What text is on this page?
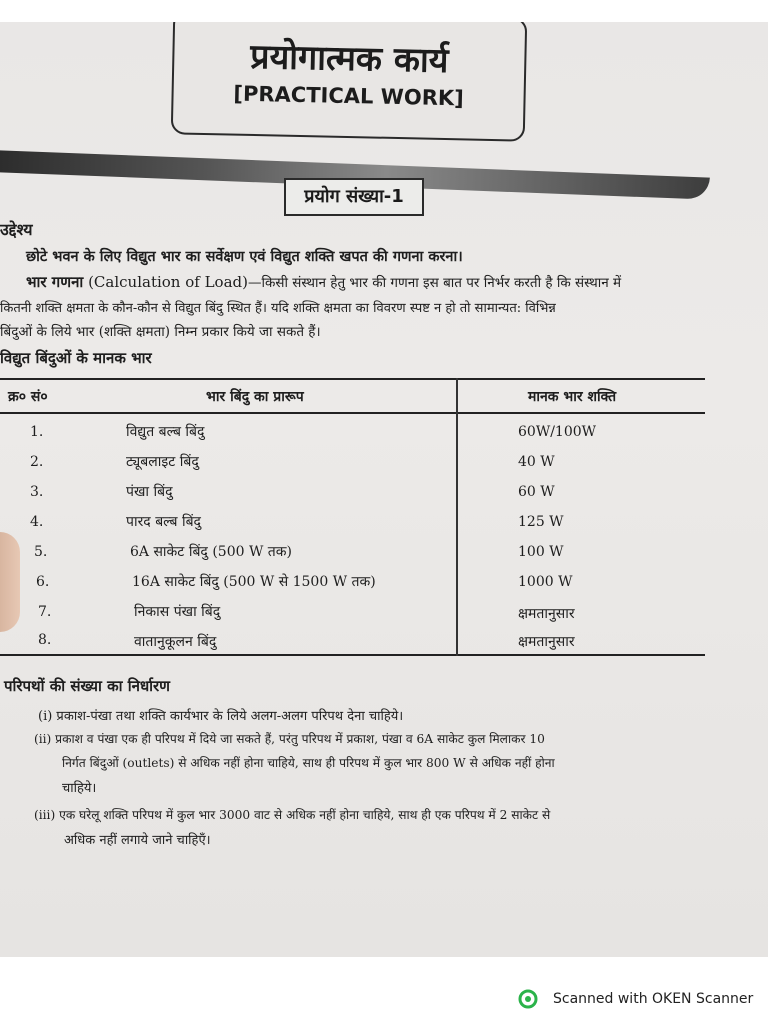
प्रयोगात्मक कार्य
[PRACTICAL WORK]
प्रयोग संख्या-1
उद्देश्य
छोटे भवन के लिए विद्युत भार का सर्वेक्षण एवं विद्युत शक्ति खपत की गणना करना।
भार गणना (Calculation of Load)—किसी संस्थान हेतु भार की गणना इस बात पर निर्भर करती है कि संस्थान में
कितनी शक्ति क्षमता के कौन-कौन से विद्युत बिंदु स्थित हैं। यदि शक्ति क्षमता का विवरण स्पष्ट न हो तो सामान्यत: विभिन्न
बिंदुओं के लिये भार (शक्ति क्षमता) निम्न प्रकार किये जा सकते हैं।
विद्युत बिंदुओं के मानक भार
क्र० सं०	भार बिंदु का प्रारूप	मानक भार शक्ति
1.	विद्युत बल्ब बिंदु	60W/100W
2.	ट्यूबलाइट बिंदु	40 W
3.	पंखा बिंदु	60 W
4.	पारद बल्ब बिंदु	125 W
5.	6A साकेट बिंदु (500 W तक)	100 W
6.	16A साकेट बिंदु (500 W से 1500 W तक)	1000 W
7.	निकास पंखा बिंदु	क्षमतानुसार
8.	वातानुकूलन बिंदु	क्षमतानुसार
परिपथों की संख्या का निर्धारण
(i) प्रकाश-पंखा तथा शक्ति कार्यभार के लिये अलग-अलग परिपथ देना चाहिये।
(ii) प्रकाश व पंखा एक ही परिपथ में दिये जा सकते हैं, परंतु परिपथ में प्रकाश, पंखा व 6A साकेट कुल मिलाकर 10
निर्गत बिंदुओं (outlets) से अधिक नहीं होना चाहिये, साथ ही परिपथ में कुल भार 800 W से अधिक नहीं होना
चाहिये।
(iii) एक घरेलू शक्ति परिपथ में कुल भार 3000 वाट से अधिक नहीं होना चाहिये, साथ ही एक परिपथ में 2 साकेट से
अधिक नहीं लगाये जाने चाहिएँ।
Scanned with OKEN Scanner
